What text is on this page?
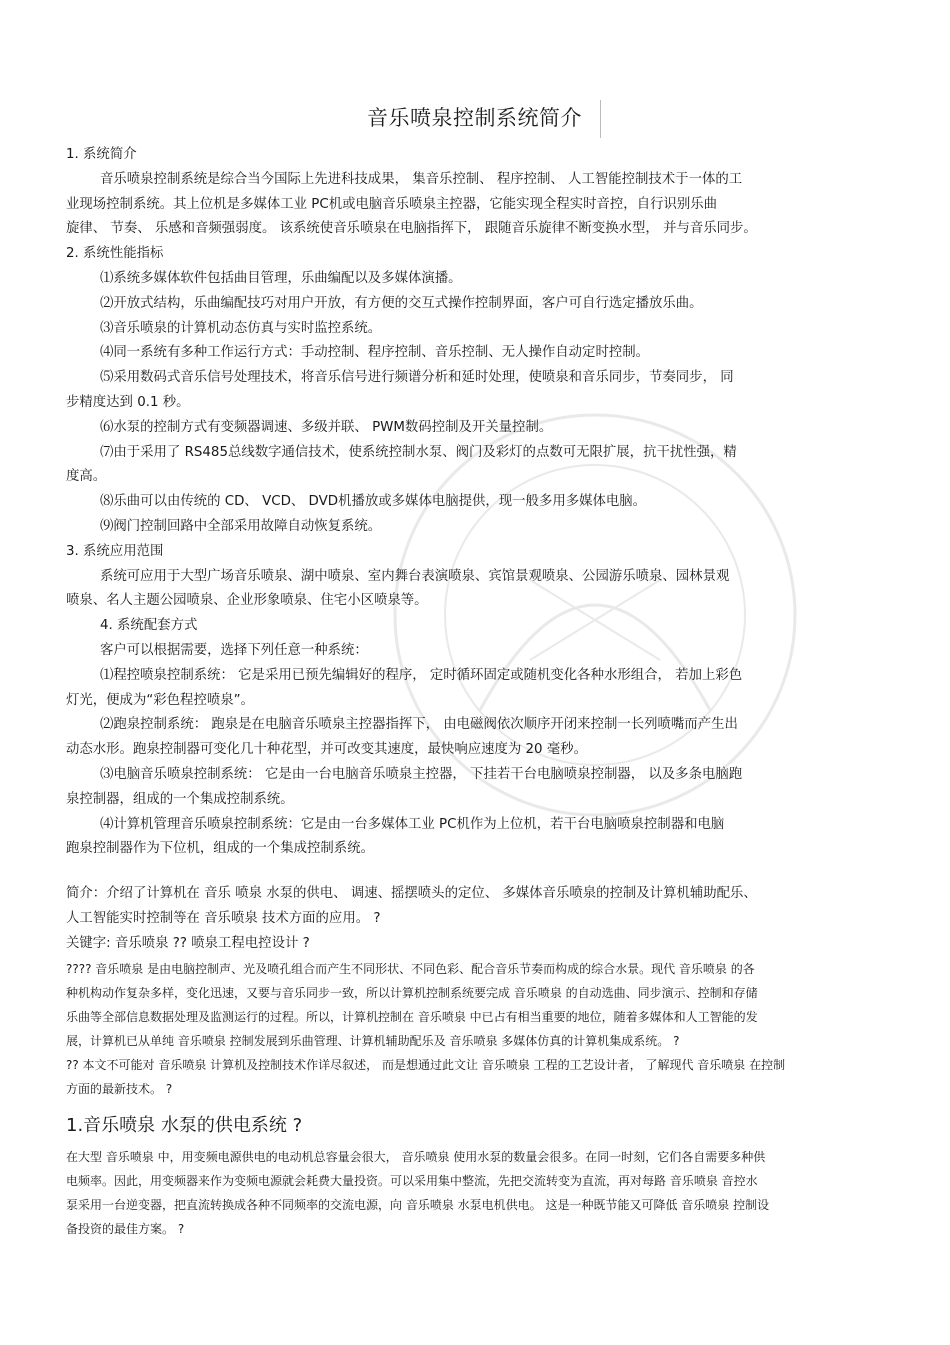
音乐喷泉控制系统简介

1. 系统简介

音乐喷泉控制系统是综合当今国际上先进科技成果， 集音乐控制、 程序控制、 人工智能控制技术于一体的工

业现场控制系统。其上位机是多媒体工业 PC机或电脑音乐喷泉主控器，它能实现全程实时音控，自行识别乐曲

旋律、 节奏、 乐感和音频强弱度。 该系统使音乐喷泉在电脑指挥下， 跟随音乐旋律不断变换水型， 并与音乐同步。

2. 系统性能指标

⑴系统多媒体软件包括曲目管理，乐曲编配以及多媒体演播。

⑵开放式结构，乐曲编配技巧对用户开放，有方便的交互式操作控制界面，客户可自行选定播放乐曲。

⑶音乐喷泉的计算机动态仿真与实时监控系统。

⑷同一系统有多种工作运行方式：手动控制、程序控制、音乐控制、无人操作自动定时控制。

⑸采用数码式音乐信号处理技术，将音乐信号进行频谱分析和延时处理，使喷泉和音乐同步，节奏同步， 同

步精度达到 0.1 秒。

⑹水泵的控制方式有变频器调速、多级并联、 PWM数码控制及开关量控制。

⑺由于采用了 RS485总线数字通信技术，使系统控制水泵、阀门及彩灯的点数可无限扩展，抗干扰性强，精

度高。

⑻乐曲可以由传统的 CD、 VCD、 DVD机播放或多媒体电脑提供，现一般多用多媒体电脑。

⑼阀门控制回路中全部采用故障自动恢复系统。

3. 系统应用范围

系统可应用于大型广场音乐喷泉、湖中喷泉、室内舞台表演喷泉、宾馆景观喷泉、公园游乐喷泉、园林景观

喷泉、名人主题公园喷泉、企业形象喷泉、住宅小区喷泉等。

4. 系统配套方式

客户可以根据需要，选择下列任意一种系统：

⑴程控喷泉控制系统： 它是采用已预先编辑好的程序， 定时循环固定或随机变化各种水形组合， 若加上彩色

灯光，便成为“彩色程控喷泉”。

⑵跑泉控制系统： 跑泉是在电脑音乐喷泉主控器指挥下， 由电磁阀依次顺序开闭来控制一长列喷嘴而产生出

动态水形。跑泉控制器可变化几十种花型，并可改变其速度，最快响应速度为 20 毫秒。

⑶电脑音乐喷泉控制系统： 它是由一台电脑音乐喷泉主控器， 下挂若干台电脑喷泉控制器， 以及多条电脑跑

泉控制器，组成的一个集成控制系统。

⑷计算机管理音乐喷泉控制系统：它是由一台多媒体工业 PC机作为上位机，若干台电脑喷泉控制器和电脑

跑泉控制器作为下位机，组成的一个集成控制系统。

简介：介绍了计算机在 音乐 喷泉 水泵的供电、 调速、摇摆喷头的定位、 多媒体音乐喷泉的控制及计算机辅助配乐、

人工智能实时控制等在 音乐喷泉 技术方面的应用。 ?

关键字: 音乐喷泉 ?? 喷泉工程电控设计 ?

???? 音乐喷泉 是由电脑控制声、光及喷孔组合而产生不同形状、不同色彩、配合音乐节奏而构成的综合水景。现代 音乐喷泉 的各

种机构动作复杂多样，变化迅速，又要与音乐同步一致，所以计算机控制系统要完成 音乐喷泉 的自动选曲、同步演示、控制和存储

乐曲等全部信息数据处理及监测运行的过程。所以，计算机控制在 音乐喷泉 中已占有相当重要的地位，随着多媒体和人工智能的发

展，计算机已从单纯 音乐喷泉 控制发展到乐曲管理、计算机辅助配乐及 音乐喷泉 多媒体仿真的计算机集成系统。 ?

?? 本文不可能对 音乐喷泉 计算机及控制技术作详尽叙述， 而是想通过此文让 音乐喷泉 工程的工艺设计者， 了解现代 音乐喷泉 在控制

方面的最新技术。 ?

1.音乐喷泉 水泵的供电系统 ?

在大型 音乐喷泉 中，用变频电源供电的电动机总容量会很大， 音乐喷泉 使用水泵的数量会很多。在同一时刻，它们各自需要多种供

电频率。因此，用变频器来作为变频电源就会耗费大量投资。可以采用集中整流，先把交流转变为直流，再对每路 音乐喷泉 音控水

泵采用一台逆变器，把直流转换成各种不同频率的交流电源，向 音乐喷泉 水泵电机供电。 这是一种既节能又可降低 音乐喷泉 控制设

备投资的最佳方案。 ?
